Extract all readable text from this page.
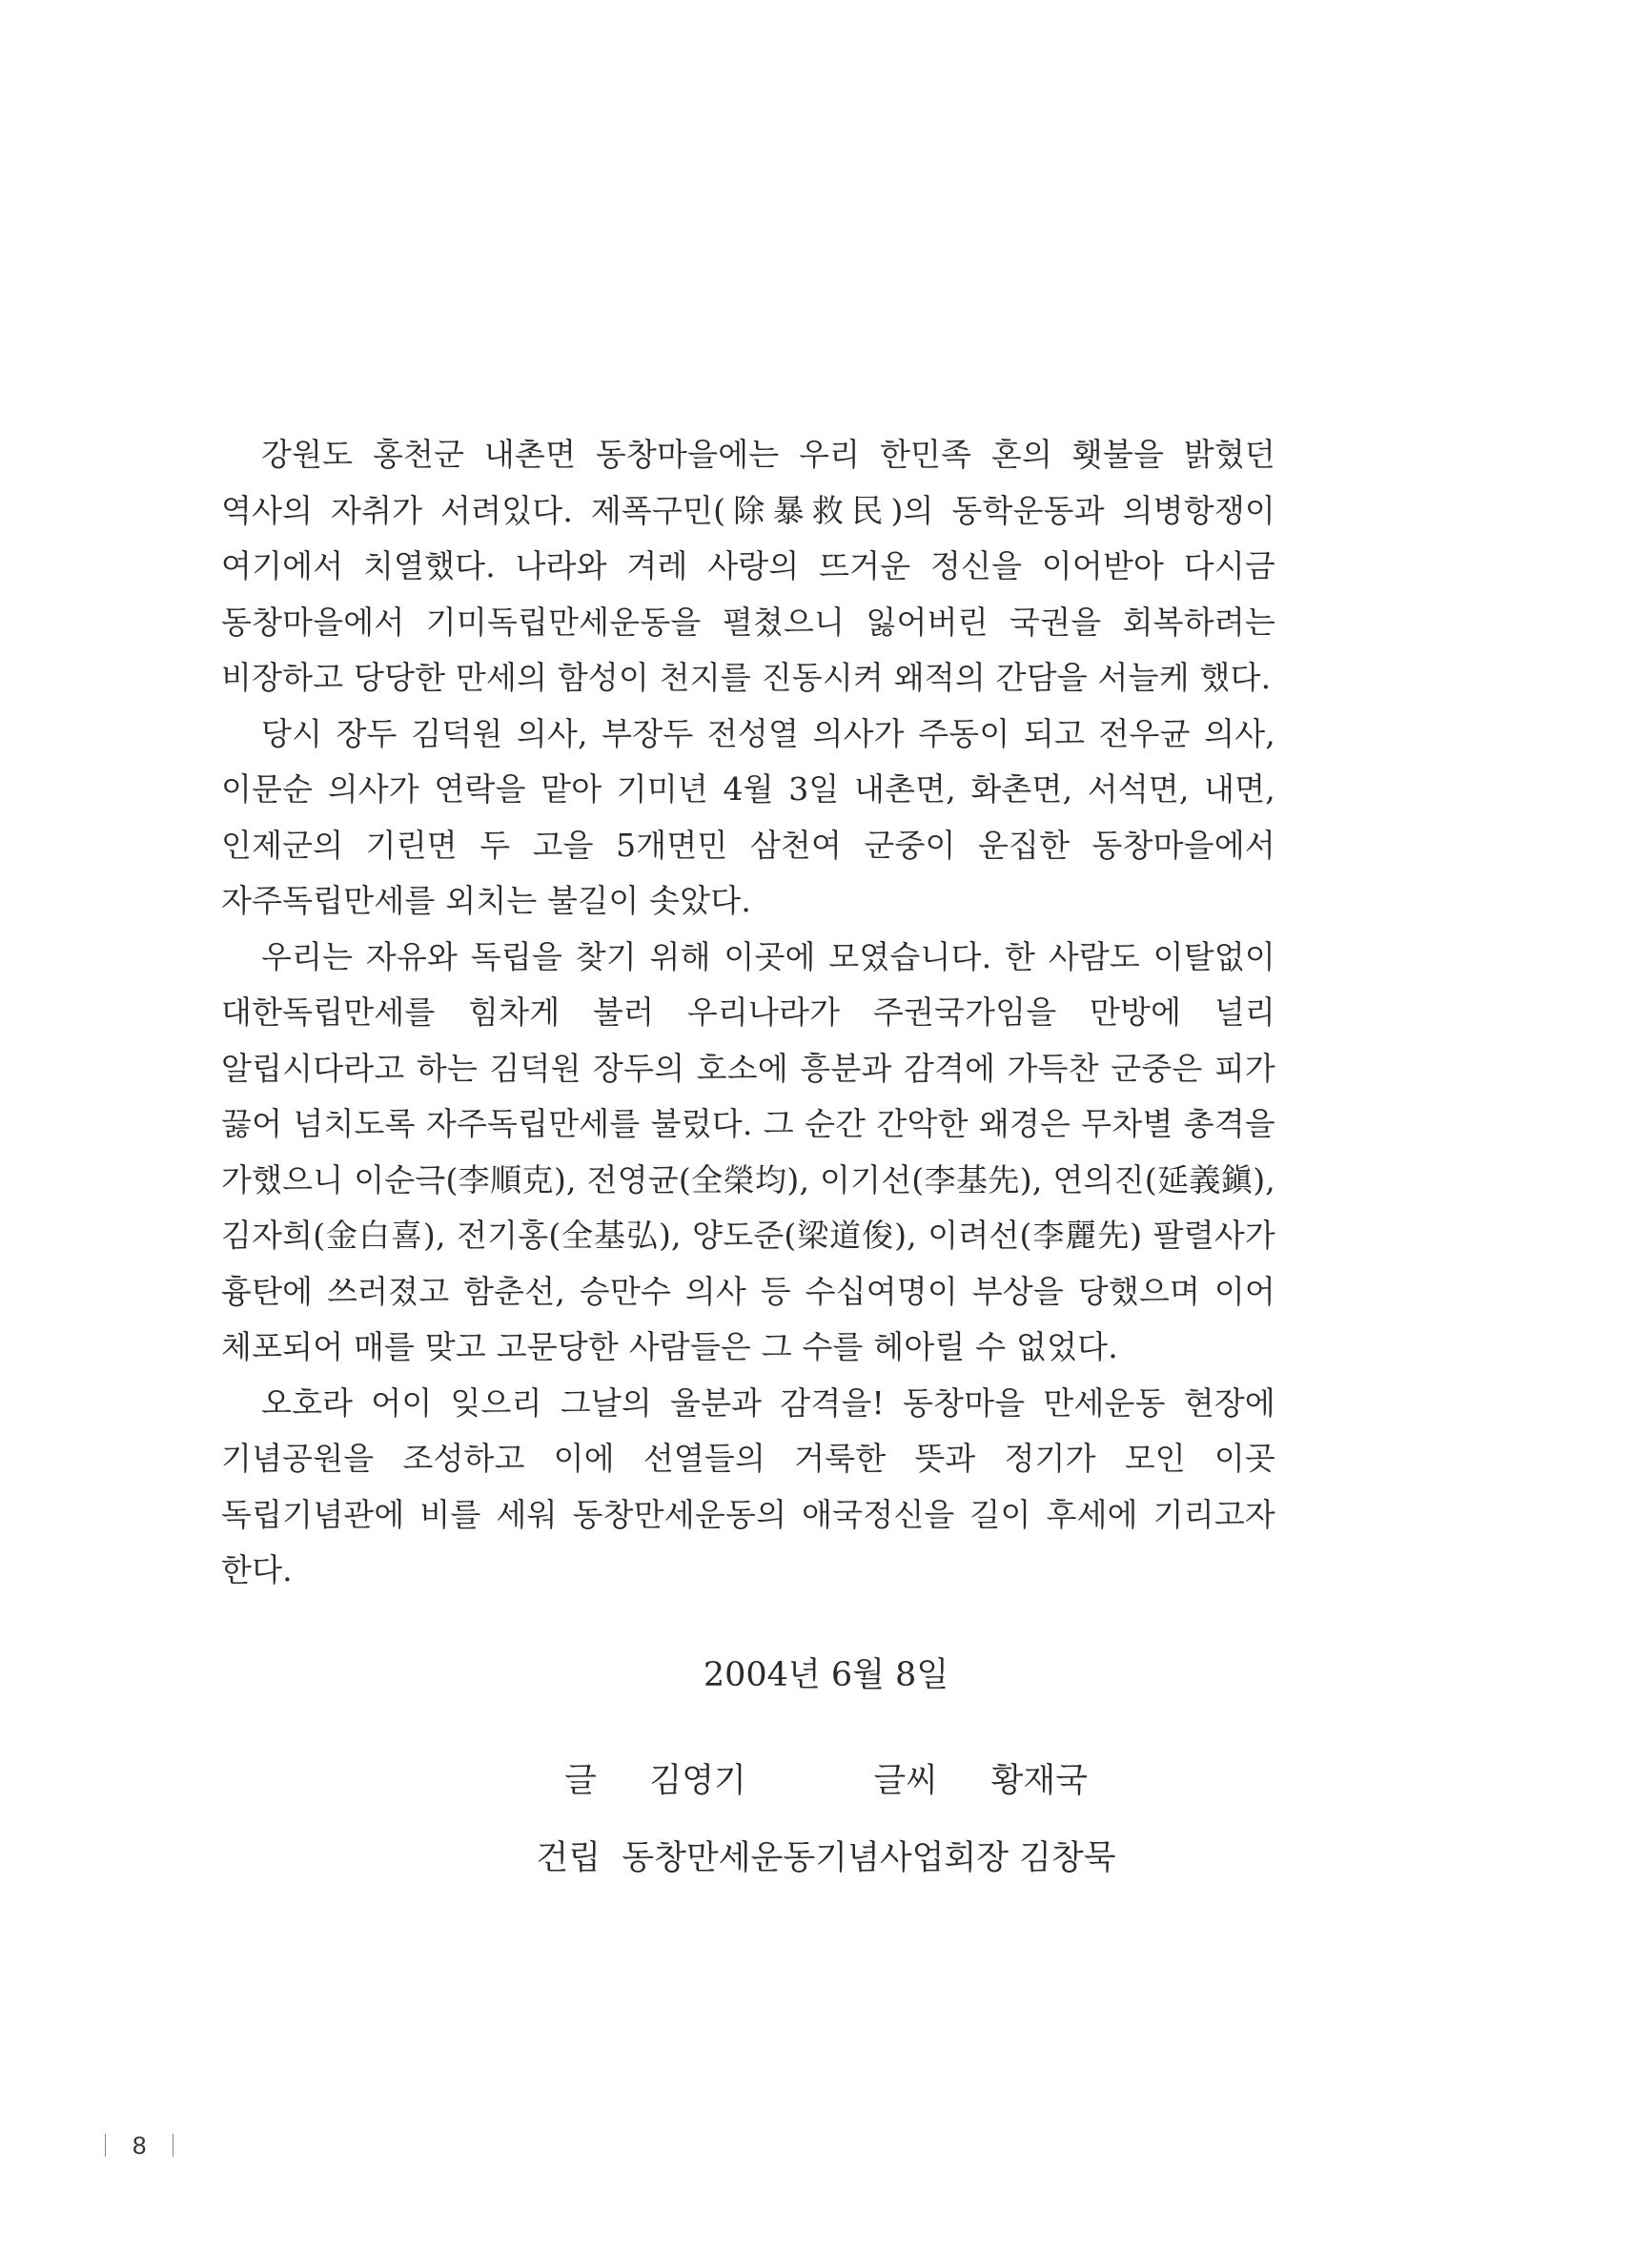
강원도 홍천군 내촌면 동창마을에는 우리 한민족 혼의 횃불을 밝혔던 역사의 자취가 서려있다. 제폭구민(除暴救民)의 동학운동과 의병항쟁이 여기에서 치열했다. 나라와 겨레 사랑의 뜨거운 정신을 이어받아 다시금 동창마을에서 기미독립만세운동을 펼쳤으니 잃어버린 국권을 회복하려는 비장하고 당당한 만세의 함성이 천지를 진동시켜 왜적의 간담을 서늘케 했다.

당시 장두 김덕원 의사, 부장두 전성열 의사가 주동이 되고 전우균 의사, 이문순 의사가 연락을 맡아 기미년 4월 3일 내촌면, 화촌면, 서석면, 내면, 인제군의 기린면 두 고을 5개면민 삼천여 군중이 운집한 동창마을에서 자주독립만세를 외치는 불길이 솟았다.

우리는 자유와 독립을 찾기 위해 이곳에 모였습니다. 한 사람도 이탈없이 대한독립만세를 힘차게 불러 우리나라가 주권국가임을 만방에 널리 알립시다라고 하는 김덕원 장두의 호소에 흥분과 감격에 가득찬 군중은 피가 끓어 넘치도록 자주독립만세를 불렀다. 그 순간 간악한 왜경은 무차별 총격을 가했으니 이순극(李順克), 전영균(全榮均), 이기선(李基先), 연의진(延義鎭), 김자희(金白喜), 전기홍(全基弘), 양도준(梁道俊), 이려선(李麗先) 팔렬사가 흉탄에 쓰러졌고 함춘선, 승만수 의사 등 수십여명이 부상을 당했으며 이어 체포되어 매를 맞고 고문당한 사람들은 그 수를 헤아릴 수 없었다.

오호라 어이 잊으리 그날의 울분과 감격을! 동창마을 만세운동 현장에 기념공원을 조성하고 이에 선열들의 거룩한 뜻과 정기가 모인 이곳 독립기념관에 비를 세워 동창만세운동의 애국정신을 길이 후세에 기리고자 한다.

2004년 6월 8일
글 김영기	글씨 황재국
건립 동창만세운동기념사업회장 김창묵
8
